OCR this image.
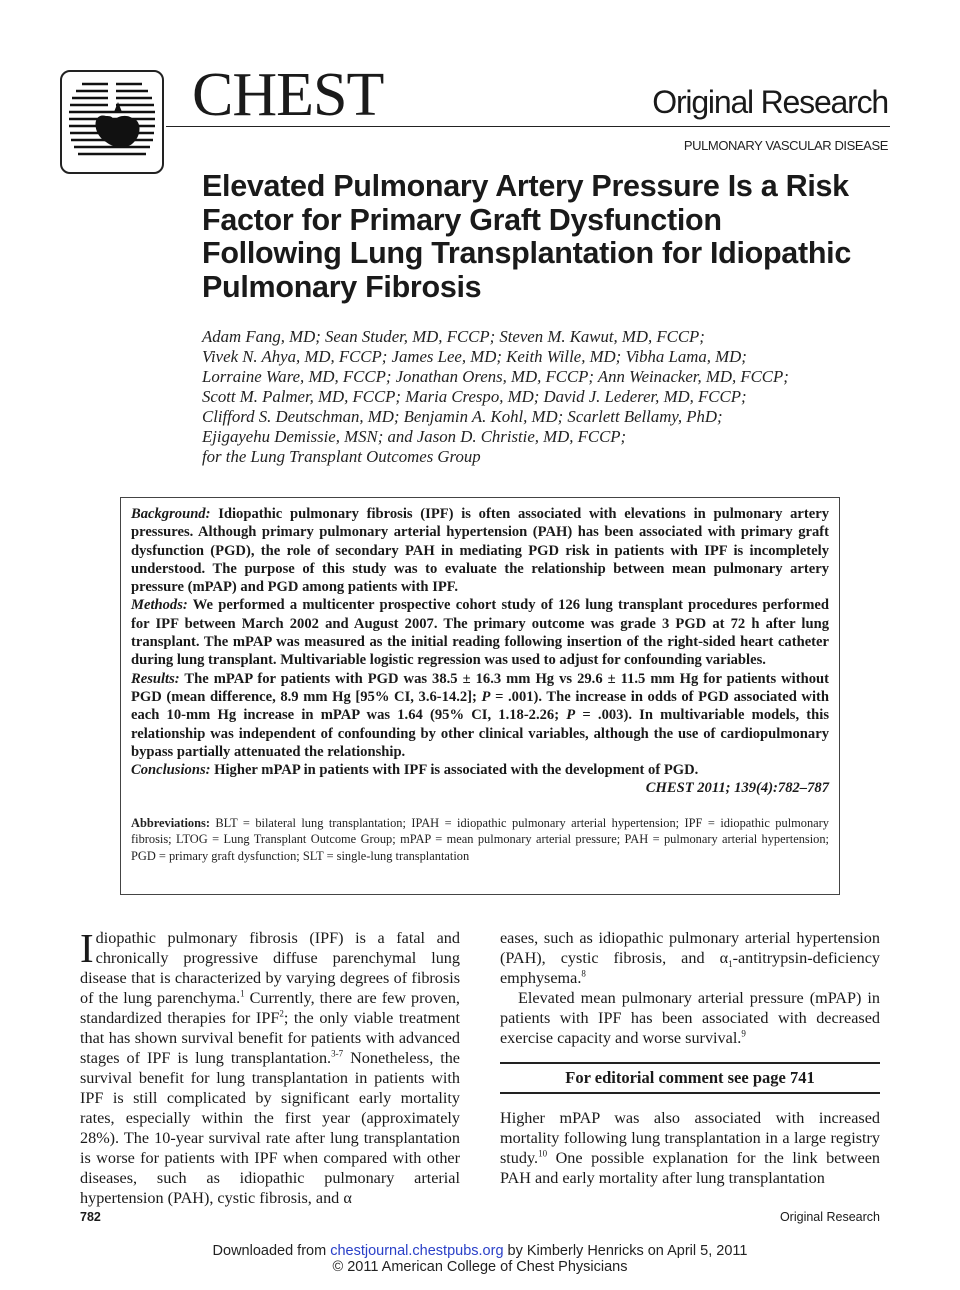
CHEST	Original Research
PULMONARY VASCULAR DISEASE
Elevated Pulmonary Artery Pressure Is a Risk Factor for Primary Graft Dysfunction Following Lung Transplantation for Idiopathic Pulmonary Fibrosis
Adam Fang, MD; Sean Studer, MD, FCCP; Steven M. Kawut, MD, FCCP;
Vivek N. Ahya, MD, FCCP; James Lee, MD; Keith Wille, MD; Vibha Lama, MD;
Lorraine Ware, MD, FCCP; Jonathan Orens, MD, FCCP; Ann Weinacker, MD, FCCP;
Scott M. Palmer, MD, FCCP; Maria Crespo, MD; David J. Lederer, MD, FCCP;
Clifford S. Deutschman, MD; Benjamin A. Kohl, MD; Scarlett Bellamy, PhD;
Ejigayehu Demissie, MSN; and Jason D. Christie, MD, FCCP;
for the Lung Transplant Outcomes Group

Background: Idiopathic pulmonary fibrosis (IPF) is often associated with elevations in pulmonary artery pressures. Although primary pulmonary arterial hypertension (PAH) has been associated with primary graft dysfunction (PGD), the role of secondary PAH in mediating PGD risk in patients with IPF is incompletely understood. The purpose of this study was to evaluate the relationship between mean pulmonary artery pressure (mPAP) and PGD among patients with IPF.

Methods: We performed a multicenter prospective cohort study of 126 lung transplant procedures performed for IPF between March 2002 and August 2007. The primary outcome was grade 3 PGD at 72 h after lung transplant. The mPAP was measured as the initial reading following insertion of the right-sided heart catheter during lung transplant. Multivariable logistic regression was used to adjust for confounding variables.

Results: The mPAP for patients with PGD was 38.5 ± 16.3 mm Hg vs 29.6 ± 11.5 mm Hg for patients without PGD (mean difference, 8.9 mm Hg [95% CI, 3.6-14.2]; P = .001). The increase in odds of PGD associated with each 10-mm Hg increase in mPAP was 1.64 (95% CI, 1.18-2.26; P = .003). In multivariable models, this relationship was independent of confounding by other clinical variables, although the use of cardiopulmonary bypass partially attenuated the relationship.

Conclusions: Higher mPAP in patients with IPF is associated with the development of PGD.

CHEST 2011; 139(4):782–787

Abbreviations: BLT = bilateral lung transplantation; IPAH = idiopathic pulmonary arterial hypertension; IPF = idiopathic pulmonary fibrosis; LTOG = Lung Transplant Outcome Group; mPAP = mean pulmonary arterial pressure; PAH = pulmonary arterial hypertension; PGD = primary graft dysfunction; SLT = single-lung transplantation

Idiopathic pulmonary fibrosis (IPF) is a fatal and chronically progressive diffuse parenchymal lung disease that is characterized by varying degrees of fibrosis of the lung parenchyma.$^1$ Currently, there are few proven, standardized therapies for IPF$^2$; the only viable treatment that has shown survival benefit for patients with advanced stages of IPF is lung transplantation.$^{3-7}$ Nonetheless, the survival benefit for lung transplantation in patients with IPF is still complicated by significant early mortality rates, especially within the first year (approximately 28%). The 10-year survival rate after lung transplantation is worse for patients with IPF when compared with other diseases, such as idiopathic pulmonary arterial hypertension (PAH), cystic fibrosis, and α

eases, such as idiopathic pulmonary arterial hypertension (PAH), cystic fibrosis, and $\alpha_1-antitrypsin$-deficiency emphysema.$^8$

Elevated mean pulmonary arterial pressure (mPAP) in patients with IPF has been associated with decreased exercise capacity and worse survival.$^9$

For editorial comment see page 741

Higher mPAP was also associated with increased mortality following lung transplantation in a large registry study.$^{10}$ One possible explanation for the link between PAH and early mortality after lung transplantation

782	Original Research
Downloaded from chestjournal.chestpubs.org by Kimberly Henricks on April 5, 2011
© 2011 American College of Chest Physicians
